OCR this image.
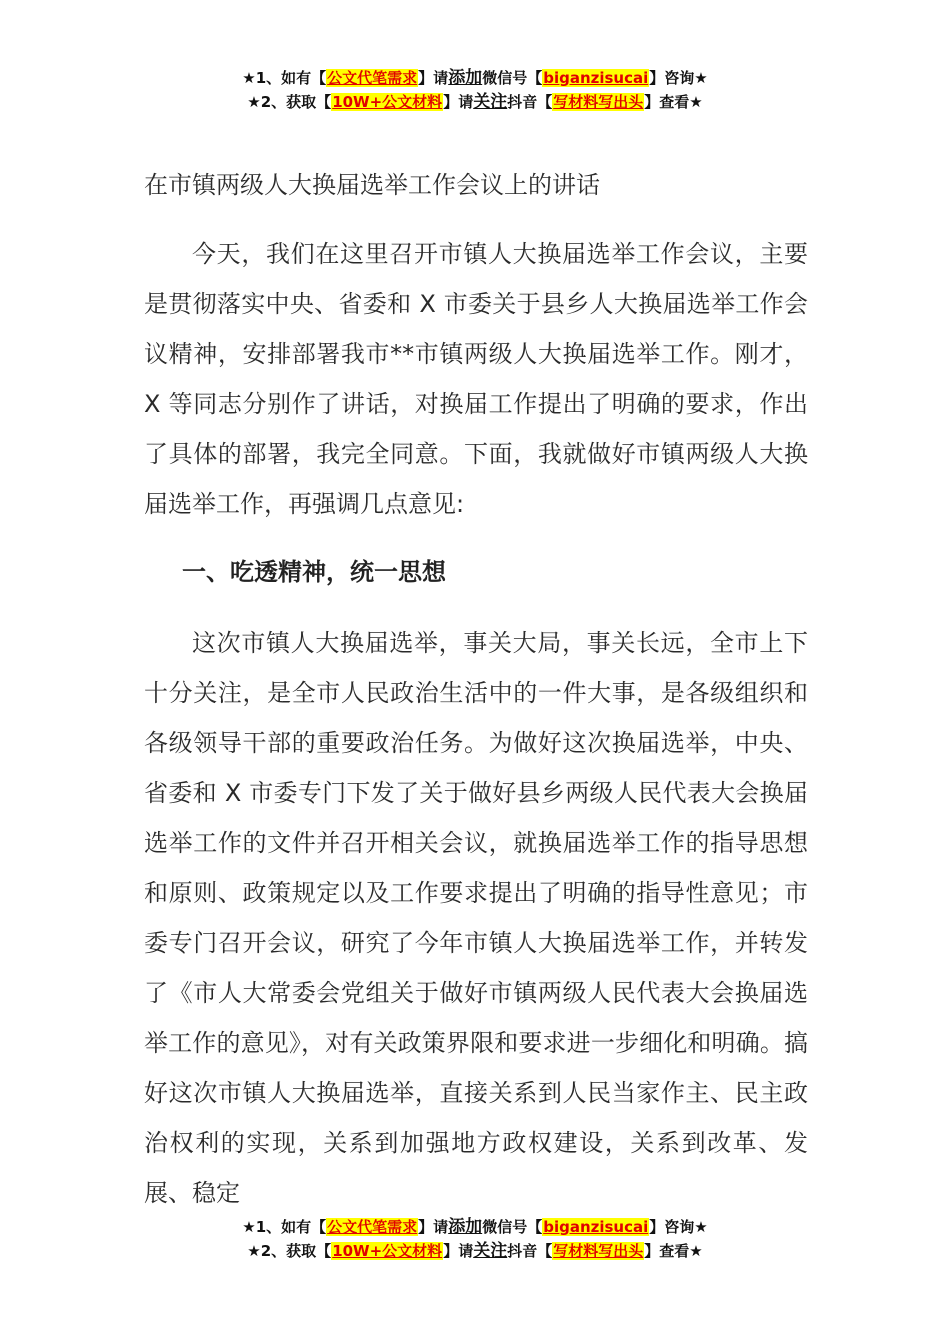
★1、如有【公文代笔需求】请添加微信号【biganzisucai】咨询★
★2、获取【10W+公文材料】请关注抖音【写材料写出头】查看★
在市镇两级人大换届选举工作会议上的讲话

今天，我们在这里召开市镇人大换届选举工作会议，主要是贯彻落实中央、省委和 X 市委关于县乡人大换届选举工作会议精神，安排部署我市**市镇两级人大换届选举工作。刚才，X 等同志分别作了讲话，对换届工作提出了明确的要求，作出了具体的部署，我完全同意。下面，我就做好市镇两级人大换届选举工作，再强调几点意见:

一、吃透精神，统一思想

这次市镇人大换届选举，事关大局，事关长远，全市上下十分关注，是全市人民政治生活中的一件大事，是各级组织和各级领导干部的重要政治任务。为做好这次换届选举，中央、省委和 X 市委专门下发了关于做好县乡两级人民代表大会换届选举工作的文件并召开相关会议，就换届选举工作的指导思想和原则、政策规定以及工作要求提出了明确的指导性意见；市委专门召开会议，研究了今年市镇人大换届选举工作，并转发了《市人大常委会党组关于做好市镇两级人民代表大会换届选举工作的意见》，对有关政策界限和要求进一步细化和明确。搞好这次市镇人大换届选举，直接关系到人民当家作主、民主政治权利的实现，关系到加强地方政权建设，关系到改革、发展、稳定

★1、如有【公文代笔需求】请添加微信号【biganzisucai】咨询★
★2、获取【10W+公文材料】请关注抖音【写材料写出头】查看★
